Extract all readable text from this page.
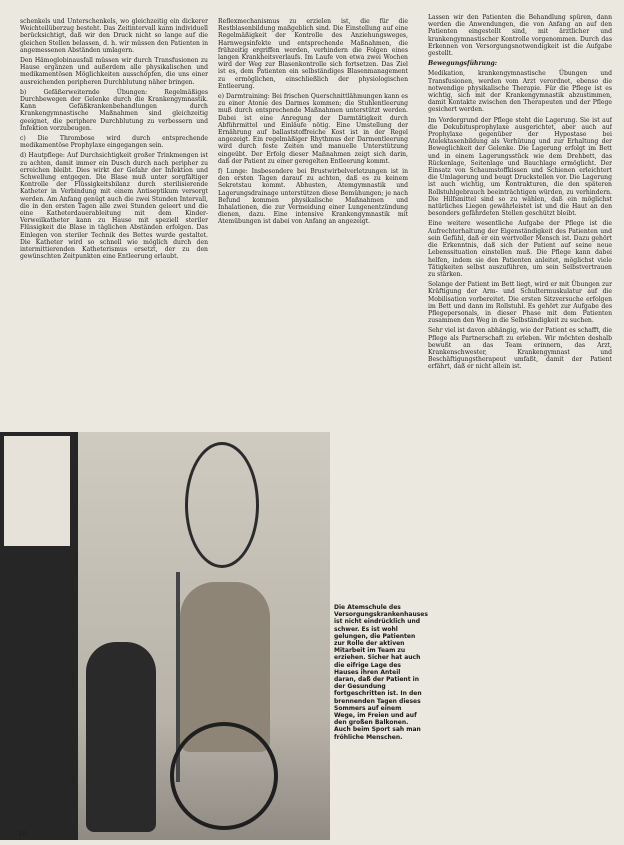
schenkels und Unterschenkels, wo gleichzeitig ein dickerer Weichteilüberzug besteht. Das Zeitintervall kann individuell berücksichtigt, daß wir den Druck nicht so lange auf die gleichen Stellen belassen, d. h. wir müssen den Patienten in angemessenen Abständen umlagern.

Den Hämoglobinausfall müssen wir durch Transfusionen zu Hause ergänzen und außerdem alle physikalischen und medikamentösen Möglichkeiten ausschöpfen, die uns einer ausreichenden peripheren Durchblutung näher bringen.

b) Gefäßerweiternde Übungen: Regelmäßiges Durchbewegen der Gelenke durch die Krankengymnastik. Kann Gefäßkrankenbehandlungen durch Krankengymnastische Maßnahmen sind gleichzeitig geeignet, die periphere Durchblutung zu verbessern und Infektion vorzubeugen.

c) Die Thrombose wird durch entsprechende medikamentöse Prophylaxe eingegangen sein.

d) Hautpflege: Auf Durchsichtigkeit großer Trinkmengen ist zu achten, damit immer ein Dusch durch nach peripher zu erreichen bleibt. Dies wirkt der Gefahr der Infektion und Schwellung entgegen. Die Blase muß unter sorgfältiger Kontrolle der Flüssigkeitsbilanz durch sterilisierende Katheter in Verbindung mit einem Antiseptikum versorgt werden. Am Anfang genügt auch die zwei Stunden Intervall, die in den ersten Tagen alle zwei Stunden geleert und die eine Katheterdauerableitung mit dem Kinder-Verweilkatheter kann zu Hause mit speziell steriler Flüssigkeit die Blase in täglichen Abständen erfolgen. Das Einlegen von steriler Technik des Bettes wurde gestaltet. Die Katheter wird so schnell wie möglich durch den intermittierenden Katheterismus ersetzt, der zu den gewünschten Zeitpunkten eine Entleerung erlaubt.

Reflexmechanismus zu erzielen ist, die für die Restblasenbildung maßgeblich sind. Die Einstellung auf eine Regelmäßigkeit der Kontrolle des Anziehungsweges, Harnwegsinfekte und entsprechende Maßnahmen, die frühzeitig ergriffen werden, verhindern die Folgen eines langen Krankheitsverlaufs. Im Laufe von etwa zwei Wochen wird der Weg zur Blasenkontrolle sich fortsetzen. Das Ziel ist es, dem Patienten ein selbständiges Blasenmanagement zu ermöglichen, einschließlich der physiologischen Entleerung.

e) Darmtraining: Bei frischen Querschnittlähmungen kann es zu einer Atonie des Darmes kommen; die Stuhlentleerung muß durch entsprechende Maßnahmen unterstützt werden. Dabei ist eine Anregung der Darmtätigkeit durch Abführmittel und Einläufe nötig. Eine Umstellung der Ernährung auf ballaststoffreiche Kost ist in der Regel angezeigt. Ein regelmäßiger Rhythmus der Darmentleerung wird durch feste Zeiten und manuelle Unterstützung eingeübt. Der Erfolg dieser Maßnahmen zeigt sich darin, daß der Patient zu einer geregelten Entleerung kommt.

f) Lunge: Insbesondere bei Brustwirbelverletzungen ist in den ersten Tagen darauf zu achten, daß es zu keinem Sekretstau kommt. Abhusten, Atemgymnastik und Lagerungsdrainage unterstützen diese Bemühungen; je nach Befund kommen physikalische Maßnahmen und Inhalationen, die zur Vermeidung einer Lungenentzündung dienen, dazu. Eine intensive Krankengymnastik mit Atemübungen ist dabei von Anfang an angezeigt.

Lassen wir den Patienten die Behandlung spüren, dann werden die Anwendungen, die von Anfang an auf den Patienten eingestellt sind, mit ärztlicher und krankengymnastischer Kontrolle vorgenommen. Durch das Erkennen von Versorgungsnotwendigkeit ist die Aufgabe gestellt.

Bewegungsführung:

Medikation, krankengymnastische Übungen und Transfusionen, werden vom Arzt verordnet, ebenso die notwendige physikalische Therapie. Für die Pflege ist es wichtig, sich mit der Krankengymnastik abzustimmen, damit Kontakte zwischen den Therapeuten und der Pflege gesichert werden.

Im Vordergrund der Pflege steht die Lagerung. Sie ist auf die Dekubitusprophylaxe ausgerichtet, aber auch auf Prophylaxe gegenüber der Hypostase bei Atelektasenbildung als Verhütung und zur Erhaltung der Beweglichkeit der Gelenke. Die Lagerung erfolgt im Bett und in einem Lagerungsstück wie dem Drehbett, das Rückenlage, Seitenlage und Bauchlage ermöglicht. Der Einsatz von Schaumstoffkissen und Schienen erleichtert die Umlagerung und beugt Druckstellen vor. Die Lagerung ist auch wichtig, um Kontrakturen, die den späteren Rollstuhlgebrauch beeinträchtigen würden, zu verhindern. Die Hilfsmittel sind so zu wählen, daß ein möglichst natürliches Liegen gewährleistet ist und die Haut an den besonders gefährdeten Stellen geschützt bleibt.

Eine weitere wesentliche Aufgabe der Pflege ist die Aufrechterhaltung der Eigenständigkeit des Patienten und sein Gefühl, daß er ein wertvoller Mensch ist. Dazu gehört die Erkenntnis, daß sich der Patient auf seine neue Lebenssituation einstellen muß. Die Pflege kann dabei helfen, indem sie den Patienten anleitet, möglichst viele Tätigkeiten selbst auszuführen, um sein Selbstvertrauen zu stärken.

Solange der Patient im Bett liegt, wird er mit Übungen zur Kräftigung der Arm- und Schultermuskulatur auf die Mobilisation vorbereitet. Die ersten Sitzversuche erfolgen im Bett und dann im Rollstuhl. Es gehört zur Aufgabe des Pflegepersonals, in dieser Phase mit dem Patienten zusammen den Weg in die Selbständigkeit zu suchen.

Sehr viel ist davon abhängig, wie der Patient es schafft, die Pflege als Partnerschaft zu erleben. Wir möchten deshalb bewußt an das Team erinnern, das Arzt, Krankenschwester, Krankengymnast und Beschäftigungstherapeut umfaßt, damit der Patient erfährt, daß er nicht allein ist.

Die Atemschule des Versorgungskrankenhauses ist nicht eindrücklich und schwer. Es ist wohl gelungen, die Patienten zur Rolle der aktiven Mitarbeit im Team zu erziehen. Sicher hat auch die eifrige Lage des Hauses ihren Anteil daran, daß der Patient in der Gesundung fortgeschritten ist. In den brennenden Tagen dieses Sommers auf einem Wege, im Freien und auf den großen Balkonen. Auch beim Sport sah man fröhliche Menschen.
10
